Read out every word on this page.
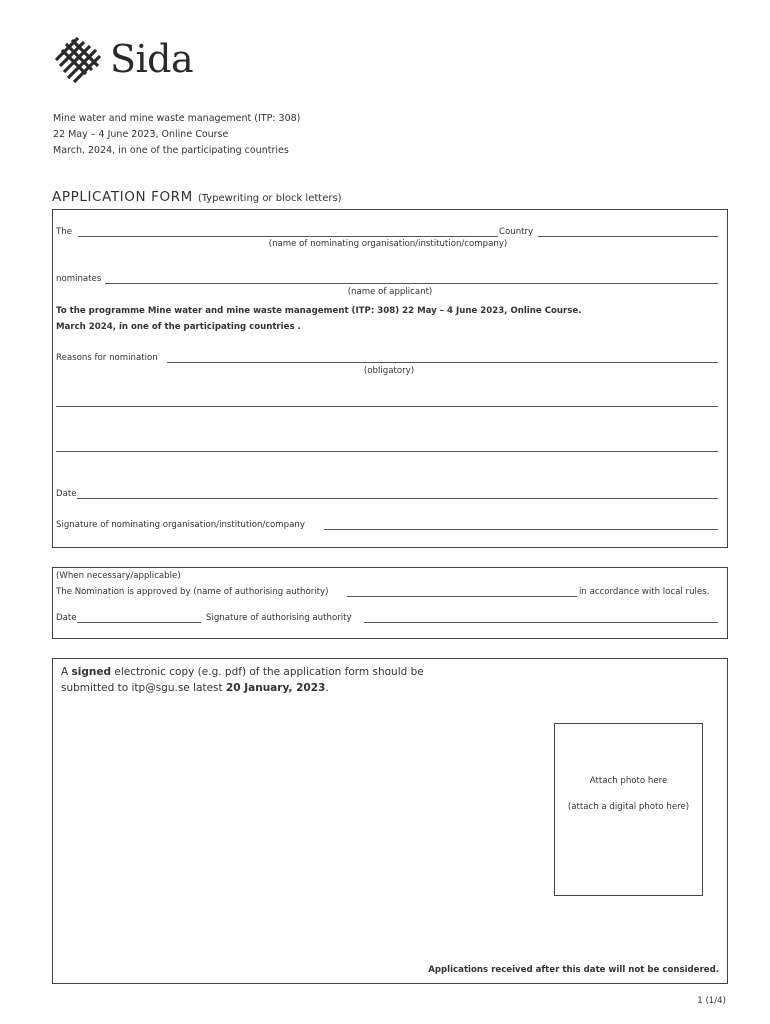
Sida
Mine water and mine waste management (ITP: 308)
22 May – 4 June 2023, Online Course
March, 2024, in one of the participating countries
APPLICATION FORM (Typewriting or block letters)
The	Country
(name of nominating organisation/institution/company)
nominates
(name of applicant)
To the programme Mine water and mine waste management (ITP: 308) 22 May – 4 June 2023, Online Course.
March 2024, in one of the participating countries .
Reasons for nomination
(obligatory)
Date
Signature of nominating organisation/institution/company
(When necessary/applicable)
The Nomination is approved by (name of authorising authority)	in accordance with local rules.
Date	Signature of authorising authority
A signed electronic copy (e.g. pdf) of the application form should be
submitted to itp@sgu.se latest 20 January, 2023.
Attach photo here
(attach a digital photo here)
Applications received after this date will not be considered.
1 (1/4)
